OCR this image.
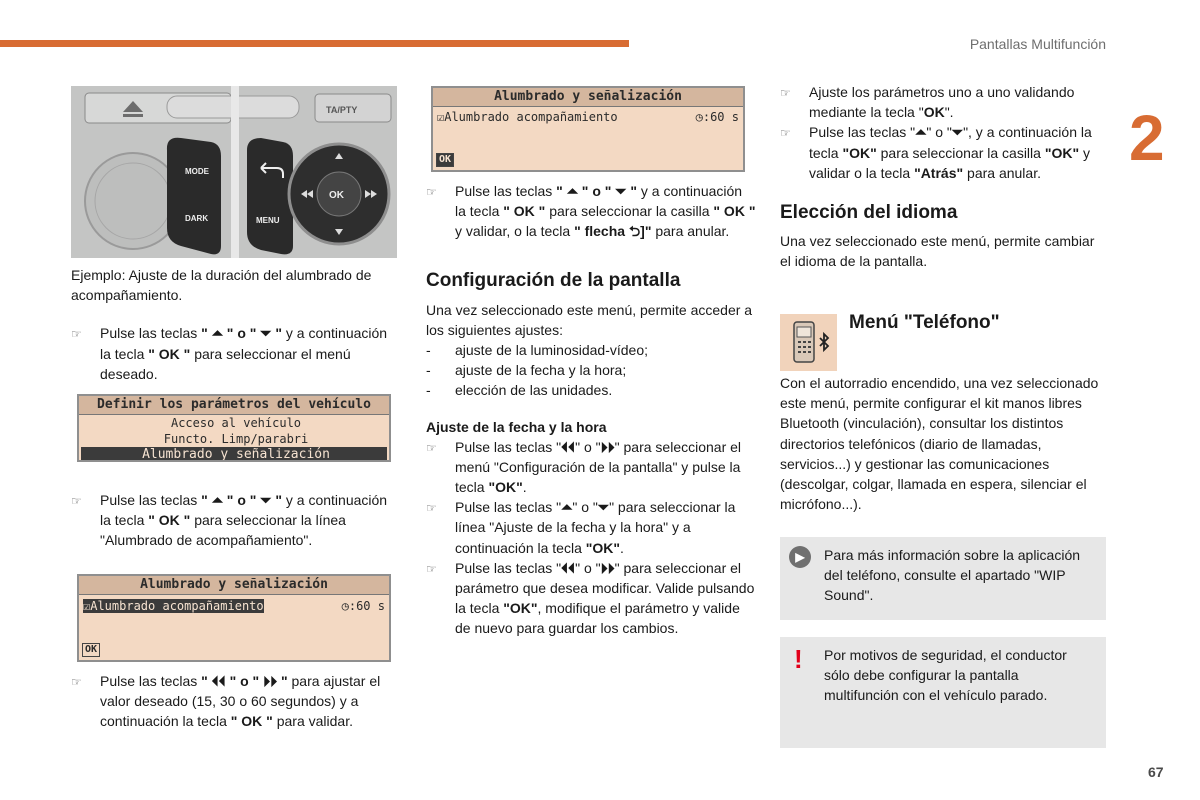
Pantallas Multifunción
2
67
TA/PTY
MODE
DARK	MENU
OK

Ejemplo: Ajuste de la duración del alumbrado de acompañamiento.

☞ Pulse las teclas " ⏶ " o " ⏷ " y a continuación la tecla " OK " para seleccionar el menú deseado.
Definir los parámetros del vehículo
Acceso al vehículo
Functo. Limp/parabri
Alumbrado y señalización
☞ Pulse las teclas " ⏶ " o " ⏷ " y a continuación la tecla " OK " para seleccionar la línea "Alumbrado de acompañamiento".
Alumbrado y señalización
☑Alumbrado acompañamiento	◷:60 s
OK
☞ Pulse las teclas " ⏴⏴ " o " ⏵⏵ " para ajustar el valor deseado (15, 30 o 60 segundos) y a continuación la tecla " OK " para validar.
Alumbrado y señalización
☑Alumbrado acompañamiento	◷:60 s
OK
☞ Pulse las teclas " ⏶ " o " ⏷ " y a continuación la tecla " OK " para seleccionar la casilla " OK " y validar, o la tecla " flecha ⮌]" para anular.
Configuración de la pantalla

Una vez seleccionado este menú, permite acceder a los siguientes ajustes:

- ajuste de la luminosidad-vídeo;
- ajuste de la fecha y la hora;
- elección de las unidades.
Ajuste de la fecha y la hora
☞ Pulse las teclas "⏴⏴" o "⏵⏵" para seleccionar el menú "Configuración de la pantalla" y pulse la tecla "OK".
☞ Pulse las teclas "⏶" o "⏷" para seleccionar la línea "Ajuste de la fecha y la hora" y a continuación la tecla "OK".
☞ Pulse las teclas "⏴⏴" o "⏵⏵" para seleccionar el parámetro que desea modificar. Valide pulsando la tecla "OK", modifique el parámetro y valide de nuevo para guardar los cambios.
☞ Ajuste los parámetros uno a uno validando mediante la tecla "OK".
☞ Pulse las teclas "⏶" o "⏷", y a continuación la tecla "OK" para seleccionar la casilla "OK" y validar o la tecla "Atrás" para anular.
Elección del idioma

Una vez seleccionado este menú, permite cambiar el idioma de la pantalla.

Menú "Teléfono"

Con el autorradio encendido, una vez seleccionado este menú, permite configurar el kit manos libres Bluetooth (vinculación), consultar los distintos directorios telefónicos (diario de llamadas, servicios...) y gestionar las comunicaciones (descolgar, colgar, llamada en espera, silenciar el micrófono...).

▶	Para más información sobre la aplicación del teléfono, consulte el apartado "WIP Sound".

! Por motivos de seguridad, el conductor sólo debe configurar la pantalla multifunción con el vehículo parado.
